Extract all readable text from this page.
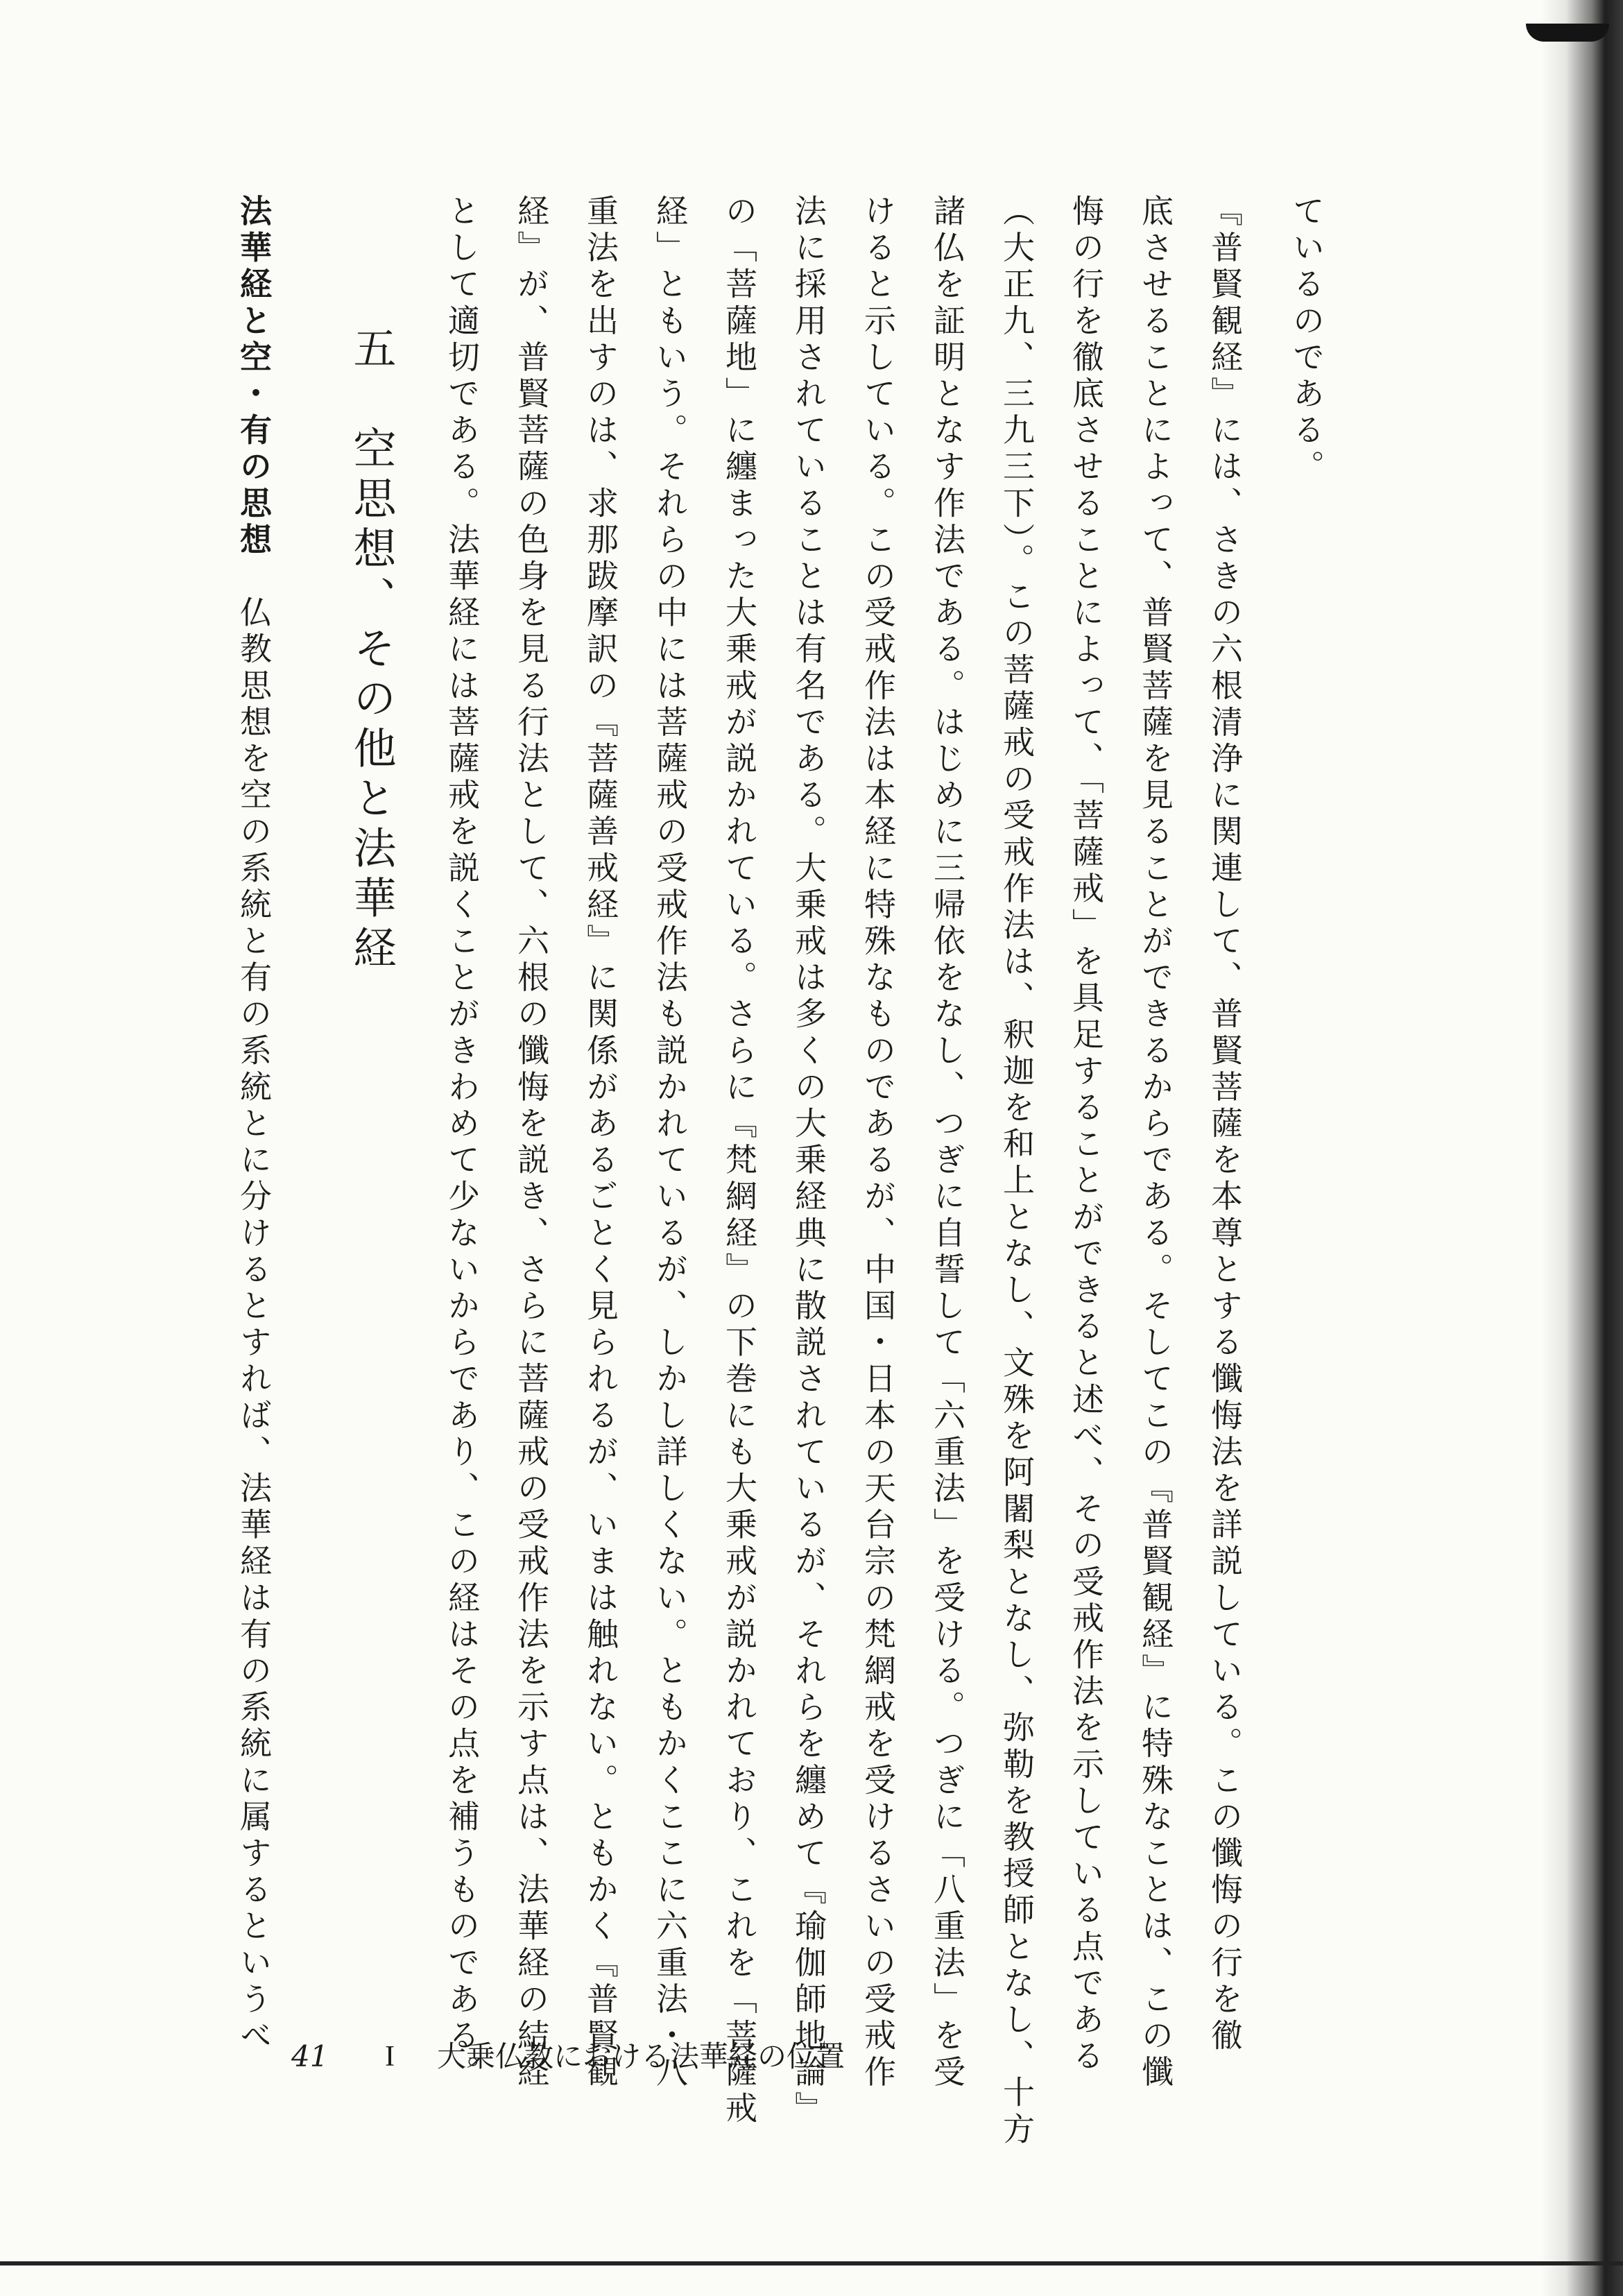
ているのである。
『普賢観経』には、さきの六根清浄に関連して、普賢菩薩を本尊とする懺悔法を詳説している。この懺悔の行を徹
底させることによって、普賢菩薩を見ることができるからである。そしてこの『普賢観経』に特殊なことは、この懺
悔の行を徹底させることによって、「菩薩戒」を具足することができると述べ、その受戒作法を示している点である
（大正九、三九三下）。この菩薩戒の受戒作法は、釈迦を和上となし、文殊を阿闍梨となし、弥勒を教授師となし、十方
諸仏を証明となす作法である。はじめに三帰依をなし、つぎに自誓して「六重法」を受ける。つぎに「八重法」を受
けると示している。この受戒作法は本経に特殊なものであるが、中国・日本の天台宗の梵網戒を受けるさいの受戒作
法に採用されていることは有名である。大乗戒は多くの大乗経典に散説されているが、それらを纏めて『瑜伽師地論』
の「菩薩地」に纏まった大乗戒が説かれている。さらに『梵網経』の下巻にも大乗戒が説かれており、これを「菩薩戒
経」ともいう。それらの中には菩薩戒の受戒作法も説かれているが、しかし詳しくない。ともかくここに六重法・八
重法を出すのは、求那跋摩訳の『菩薩善戒経』に関係があるごとく見られるが、いまは触れない。ともかく『普賢観
経』が、普賢菩薩の色身を見る行法として、六根の懺悔を説き、さらに菩薩戒の受戒作法を示す点は、法華経の結経
として適切である。法華経には菩薩戒を説くことがきわめて少ないからであり、この経はその点を補うものである。
五　空思想、その他と法華経
法華経と空・有の思想　仏教思想を空の系統と有の系統とに分けるとすれば、法華経は有の系統に属するというべ
41 I 大乗仏教における法華経の位置
